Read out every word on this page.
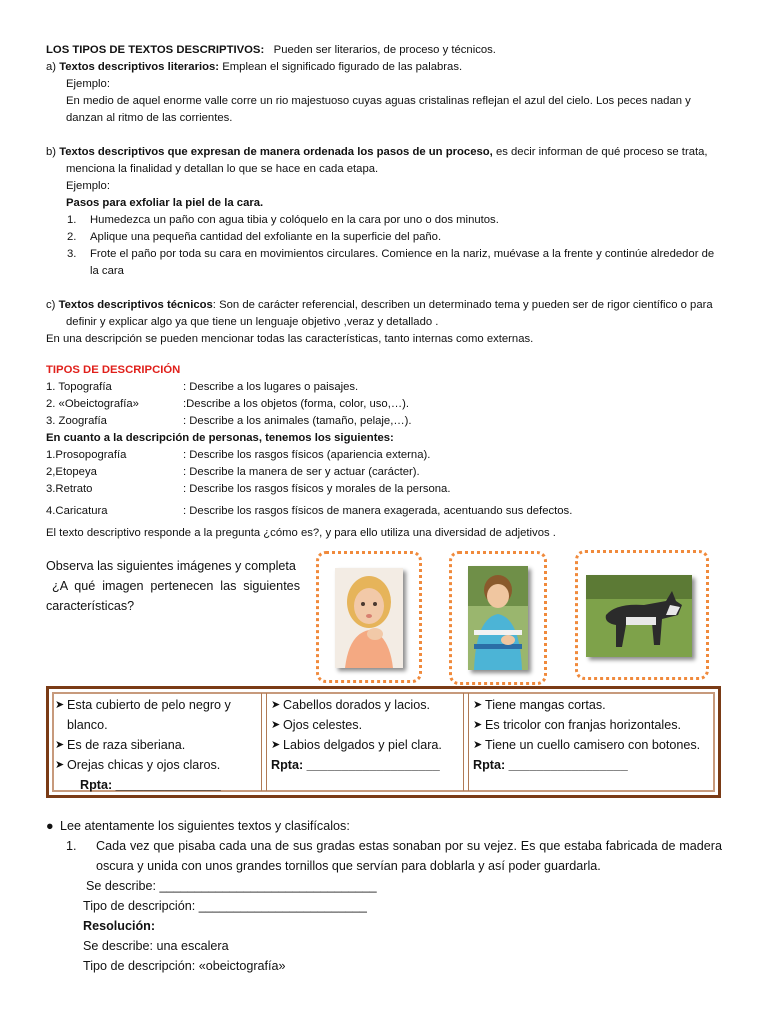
LOS TIPOS DE TEXTOS DESCRIPTIVOS: Pueden ser literarios, de proceso y técnicos.

a) Textos descriptivos literarios: Emplean el significado figurado de las palabras.

Ejemplo:

En medio de aquel enorme valle corre un rio majestuoso cuyas aguas cristalinas reflejan el azul del cielo. Los peces nadan y danzan al ritmo de las corrientes.

b) Textos descriptivos que expresan de manera ordenada los pasos de un proceso, es decir informan de qué proceso se trata, menciona la finalidad y detallan lo que se hace en cada etapa.

Ejemplo:

Pasos para exfoliar la piel de la cara.

1. Humedezca un paño con agua tibia y colóquelo en la cara por uno o dos minutos.
2. Aplique una pequeña cantidad del exfoliante en la superficie del paño.
3. Frote el paño por toda su cara en movimientos circulares. Comience en la nariz, muévase a la frente y continúe alrededor de la cara

c) Textos descriptivos técnicos: Son de carácter referencial, describen un determinado tema y pueden ser de rigor científico o para definir y explicar algo ya que tiene un lenguaje objetivo ,veraz y detallado .

En una descripción se pueden mencionar todas las características, tanto internas como externas.

TIPOS DE DESCRIPCIÓN

1. Topografía	: Describe a los lugares o paisajes.
2. «Obeictografía»	:Describe a los objetos (forma, color, uso,…).
3. Zoografía	: Describe a los animales (tamaño, pelaje,…).

En cuanto a la descripción de personas, tenemos los siguientes:

1.Prosopografía	: Describe los rasgos físicos (apariencia externa).
2,Etopeya	: Describe la manera de ser y actuar (carácter).
3.Retrato	: Describe los rasgos físicos y morales de la persona.
4.Caricatura	: Describe los rasgos físicos de manera exagerada, acentuando sus defectos.

El texto descriptivo responde a la pregunta ¿cómo es?, y para ello utiliza una diversidad de adjetivos .

Observa las siguientes imágenes y completa

¿A qué imagen pertenecen las siguientes características?

➤ Esta cubierto de pelo negro y blanco.
➤ Es de raza siberiana.
➤ Orejas chicas y ojos claros.
Rpta: _______________
➤ Cabellos dorados y lacios.
➤ Ojos celestes.
➤ Labios delgados y piel clara.
Rpta: ___________________
➤ Tiene mangas cortas.
➤ Es tricolor con franjas horizontales.
➤ Tiene un cuello camisero con botones.
Rpta: _________________

● Lee atentamente los siguientes textos y clasifícalos:

1. Cada vez que pisaba cada una de sus gradas estas sonaban por su vejez. Es que estaba fabricada de madera oscura y unida con unos grandes tornillos que servían para doblarla y así poder guardarla.

Se describe: _______________________________

Tipo de descripción: ________________________

Resolución:

Se describe: una escalera

Tipo de descripción: «obeictografía»
